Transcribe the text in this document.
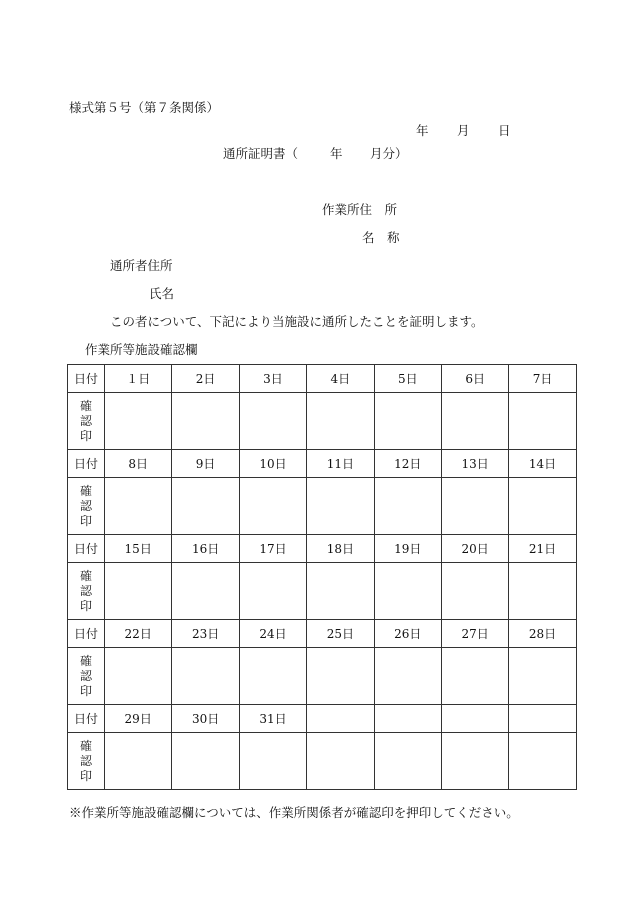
様式第５号（第７条関係）
年 月 日
通所証明書（	年 月分）
作業所住　所
名　称
通所者住所
氏名
この者について、下記により当施設に通所したことを証明します。
作業所等施設確認欄
日付	１日	2日	3日	4日	5日	6日	7日
確認印							
日付	8日	9日	10日	11日	12日	13日	14日
確認印							
日付	15日	16日	17日	18日	19日	20日	21日
確認印							
日付	22日	23日	24日	25日	26日	27日	28日
確認印							
日付	29日	30日	31日				
確認印							
※作業所等施設確認欄については、作業所関係者が確認印を押印してください。
